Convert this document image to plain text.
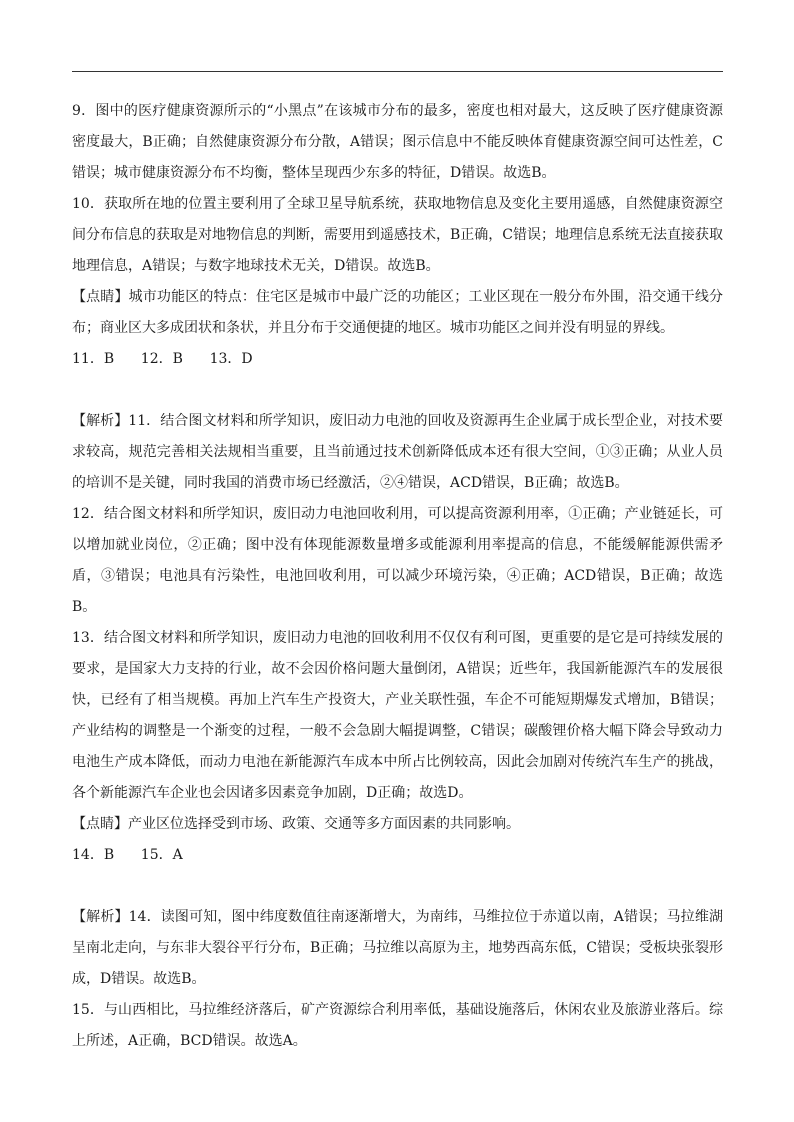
9．图中的医疗健康资源所示的“小黑点”在该城市分布的最多，密度也相对最大，这反映了医疗健康资源密度最大，B正确；自然健康资源分布分散，A错误；图示信息中不能反映体育健康资源空间可达性差，C错误；城市健康资源分布不均衡，整体呈现西少东多的特征，D错误。故选B。

10．获取所在地的位置主要利用了全球卫星导航系统，获取地物信息及变化主要用遥感，自然健康资源空间分布信息的获取是对地物信息的判断，需要用到遥感技术，B正确，C错误；地理信息系统无法直接获取地理信息，A错误；与数字地球技术无关，D错误。故选B。

【点睛】城市功能区的特点：住宅区是城市中最广泛的功能区；工业区现在一般分布外围，沿交通干线分布；商业区大多成团状和条状，并且分布于交通便捷的地区。城市功能区之间并没有明显的界线。

11．B      12．B      13．D

【解析】11．结合图文材料和所学知识，废旧动力电池的回收及资源再生企业属于成长型企业，对技术要求较高，规范完善相关法规相当重要，且当前通过技术创新降低成本还有很大空间，①③正确；从业人员的培训不是关键，同时我国的消费市场已经激活，②④错误，ACD错误，B正确；故选B。

12．结合图文材料和所学知识，废旧动力电池回收利用，可以提高资源利用率，①正确；产业链延长，可以增加就业岗位，②正确；图中没有体现能源数量增多或能源利用率提高的信息，不能缓解能源供需矛盾，③错误；电池具有污染性，电池回收利用，可以减少环境污染，④正确；ACD错误，B正确；故选B。

13．结合图文材料和所学知识，废旧动力电池的回收利用不仅仅有利可图，更重要的是它是可持续发展的要求，是国家大力支持的行业，故不会因价格问题大量倒闭，A错误；近些年，我国新能源汽车的发展很快，已经有了相当规模。再加上汽车生产投资大，产业关联性强，车企不可能短期爆发式增加，B错误；产业结构的调整是一个渐变的过程，一般不会急剧大幅提调整，C错误；碳酸锂价格大幅下降会导致动力电池生产成本降低，而动力电池在新能源汽车成本中所占比例较高，因此会加剧对传统汽车生产的挑战，各个新能源汽车企业也会因诸多因素竞争加剧，D正确；故选D。

【点睛】产业区位选择受到市场、政策、交通等多方面因素的共同影响。

14．B      15．A

【解析】14．读图可知，图中纬度数值往南逐渐增大，为南纬，马维拉位于赤道以南，A错误；马拉维湖呈南北走向，与东非大裂谷平行分布，B正确；马拉维以高原为主，地势西高东低，C错误；受板块张裂形成，D错误。故选B。

15．与山西相比，马拉维经济落后，矿产资源综合利用率低，基础设施落后，休闲农业及旅游业落后。综上所述，A正确，BCD错误。故选A。
